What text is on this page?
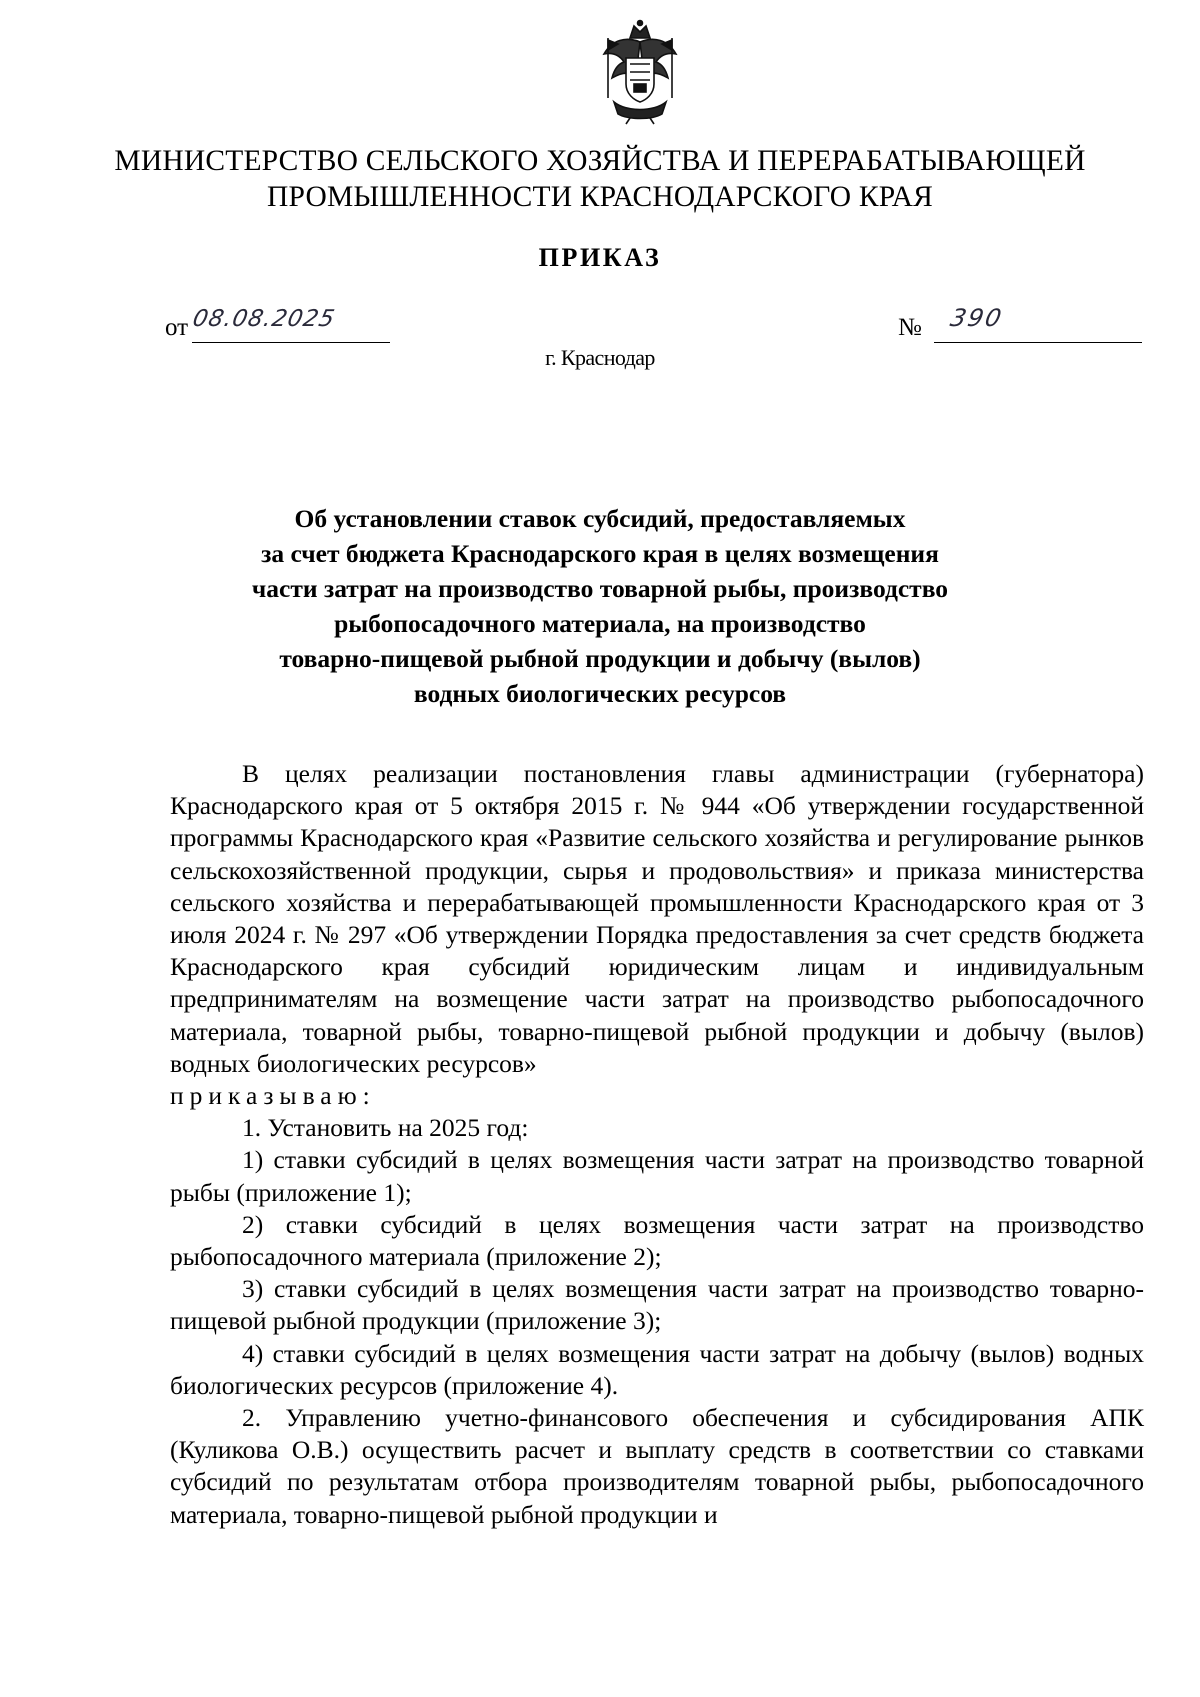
МИНИСТЕРСТВО СЕЛЬСКОГО ХОЗЯЙСТВА И ПЕРЕРАБАТЫВАЮЩЕЙ
ПРОМЫШЛЕННОСТИ КРАСНОДАРСКОГО КРАЯ
ПРИКАЗ
от 08.08.2025	№ 390
г. Краснодар
Об установлении ставок субсидий, предоставляемых
за счет бюджета Краснодарского края в целях возмещения
части затрат на производство товарной рыбы, производство
рыбопосадочного материала, на производство
товарно-пищевой рыбной продукции и добычу (вылов)
водных биологических ресурсов

В целях реализации постановления главы администрации (губернатора) Краснодарского края от 5 октября 2015 г. № 944 «Об утверждении государственной программы Краснодарского края «Развитие сельского хозяйства и регулирование рынков сельскохозяйственной продукции, сырья и продовольствия» и приказа министерства сельского хозяйства и перерабатывающей промышленности Краснодарского края от 3 июля 2024 г. № 297 «Об утверждении Порядка предоставления за счет средств бюджета Краснодарского края субсидий юридическим лицам и индивидуальным предпринимателям на возмещение части затрат на производство рыбопосадочного материала, товарной рыбы, товарно-пищевой рыбной продукции и добычу (вылов) водных биологических ресурсов»

приказываю:

1. Установить на 2025 год:

1) ставки субсидий в целях возмещения части затрат на производство товарной рыбы (приложение 1);

2) ставки субсидий в целях возмещения части затрат на производство рыбопосадочного материала (приложение 2);

3) ставки субсидий в целях возмещения части затрат на производство товарно-пищевой рыбной продукции (приложение 3);

4) ставки субсидий в целях возмещения части затрат на добычу (вылов) водных биологических ресурсов (приложение 4).

2. Управлению учетно-финансового обеспечения и субсидирования АПК (Куликова О.В.) осуществить расчет и выплату средств в соответствии со ставками субсидий по результатам отбора производителям товарной рыбы, рыбопосадочного материала, товарно-пищевой рыбной продукции и
